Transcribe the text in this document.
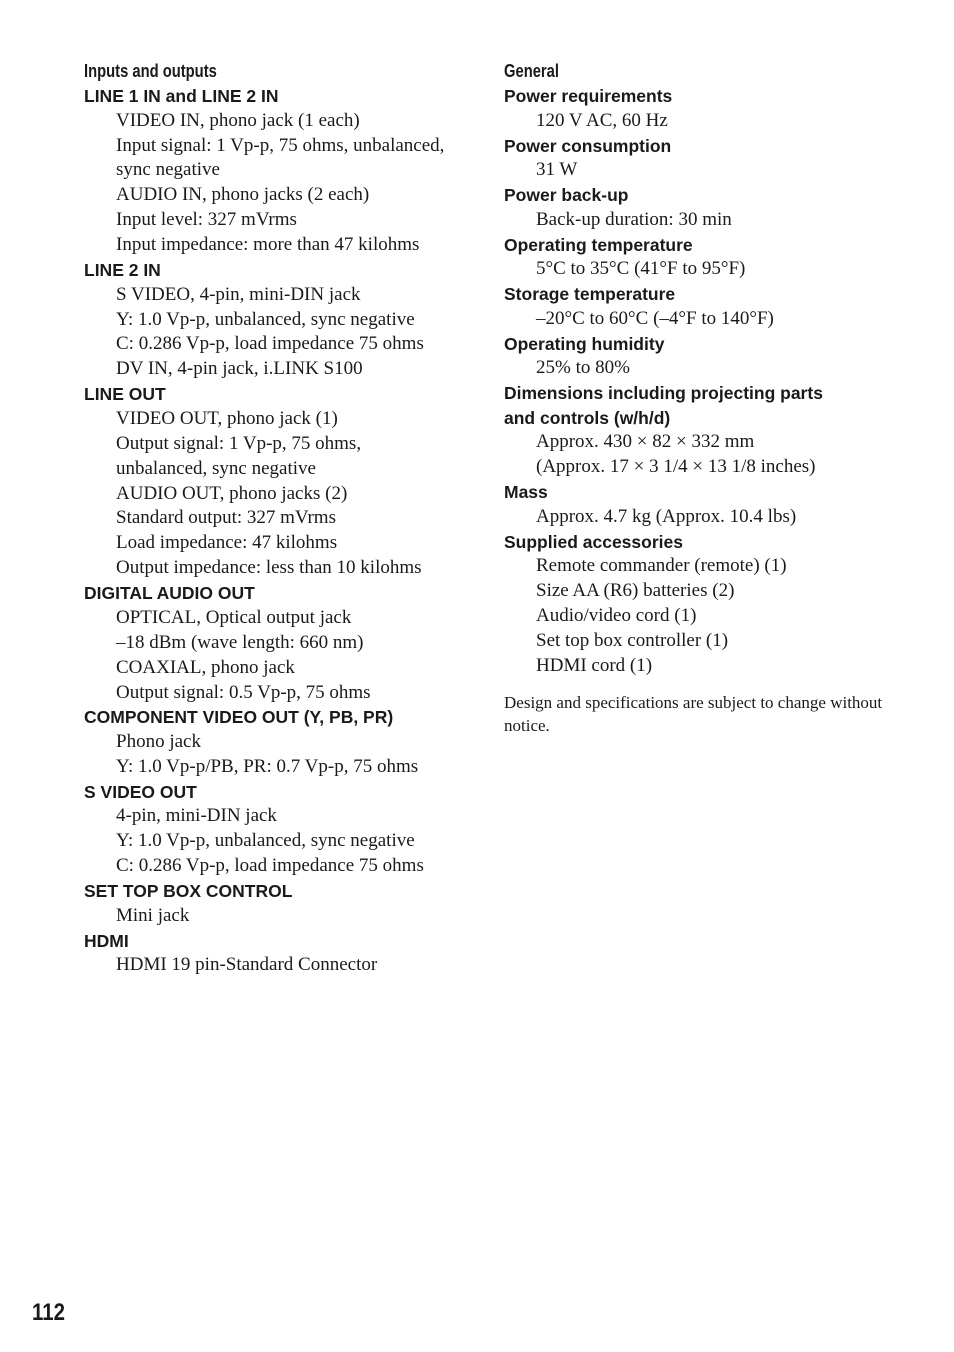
Inputs and outputs
LINE 1 IN and LINE 2 IN
VIDEO IN, phono jack (1 each)
Input signal: 1 Vp-p, 75 ohms, unbalanced,
sync negative
AUDIO IN, phono jacks (2 each)
Input level: 327 mVrms
Input impedance: more than 47 kilohms
LINE 2 IN
S VIDEO, 4-pin, mini-DIN jack
Y: 1.0 Vp-p, unbalanced, sync negative
C: 0.286 Vp-p, load impedance 75 ohms
DV IN, 4-pin jack, i.LINK S100
LINE OUT
VIDEO OUT, phono jack (1)
Output signal: 1 Vp-p, 75 ohms,
unbalanced, sync negative
AUDIO OUT, phono jacks (2)
Standard output: 327 mVrms
Load impedance: 47 kilohms
Output impedance: less than 10 kilohms
DIGITAL AUDIO OUT
OPTICAL, Optical output jack
–18 dBm (wave length: 660 nm)
COAXIAL, phono jack
Output signal: 0.5 Vp-p, 75 ohms
COMPONENT VIDEO OUT (Y, PB, PR)
Phono jack
Y: 1.0 Vp-p/PB, PR: 0.7 Vp-p, 75 ohms
S VIDEO OUT
4-pin, mini-DIN jack
Y: 1.0 Vp-p, unbalanced, sync negative
C: 0.286 Vp-p, load impedance 75 ohms
SET TOP BOX CONTROL
Mini jack
HDMI
HDMI 19 pin-Standard Connector
General
Power requirements
120 V AC, 60 Hz
Power consumption
31 W
Power back-up
Back-up duration: 30 min
Operating temperature
5°C to 35°C (41°F to 95°F)
Storage temperature
–20°C to 60°C (–4°F to 140°F)
Operating humidity
25% to 80%
Dimensions including projecting parts
and controls (w/h/d)
Approx. 430 × 82 × 332 mm
(Approx. 17 × 3 1/4 × 13 1/8 inches)
Mass
Approx. 4.7 kg (Approx. 10.4 lbs)
Supplied accessories
Remote commander (remote) (1)
Size AA (R6) batteries (2)
Audio/video cord (1)
Set top box controller (1)
HDMI cord (1)
Design and specifications are subject to change without notice.
112
